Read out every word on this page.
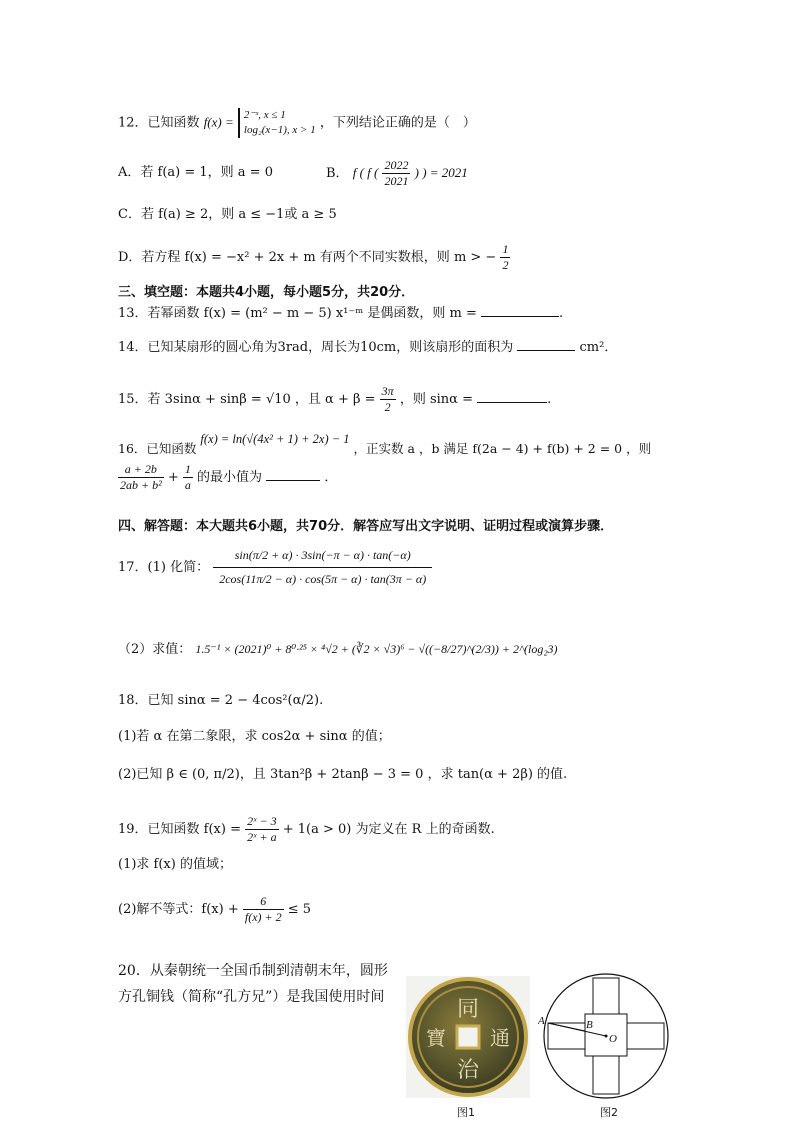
12．已知函数 f(x) = 2⁻ˣ, x ≤ 1
log₂(x−1), x > 1 ，下列结论正确的是（　）
A．若 f(a) = 1，则 a = 0	B． f ( f ( $\frac{2022}{2021}$ ) ) = 2021
C．若 f(a) ≥ 2，则 a ≤ −1或 a ≥ 5
D．若方程 f(x) = −x² + 2x + m 有两个不同实数根，则 m > − $\frac{1}{2}$
三、填空题：本题共4小题，每小题5分，共20分．
13．若幂函数 f(x) = (m² − m − 5) x¹⁻ᵐ 是偶函数，则 m =	.
14．已知某扇形的圆心角为3rad，周长为10cm，则该扇形的面积为	cm²．
15．若 3sinα + sinβ = √10 ，且 $\alpha + \beta = \frac{3\pi}{2}$ ，则 sinα =	.
16．已知函数 f(x) = ln(√(4x² + 1) + 2x) − 1 ，正实数 a ，b 满足 f(2a − 4) + f(b) + 2 = 0 ，则
$\frac{a + 2b}{\text{2ab + b²}} + \frac{1}{a}$ 的最小值为	．
四、解答题：本大题共6小题，共70分．解答应写出文字说明、证明过程或演算步骤．
17．(1) 化简： $\frac{\sin(\pi/2 + \alpha) \cdot 3\sin(-\pi - \alpha) \cdot \tan(-\alpha)}{2\cos(11\pi/2 - \alpha) \cdot \cos(5\pi - \alpha) \cdot \tan(3\pi - \alpha)}$
（2）求值： 1.5⁻¹ × (2021)⁰ + 8⁰·²⁵ × ⁴√2 + (∛2 × √3)⁶ − √((−8/27)^(2/3)) + 2^(log₂3)
18．已知 sinα = 2 − 4cos²(α/2).
(1)若 α 在第二象限，求 cos2α + sinα 的值；
(2)已知 β ∈ (0, π/2)，且 3tan²β + 2tanβ − 3 = 0 ，求 tan(α + 2β) 的值.
19．已知函数 $f(x) = \frac{\text{2ˣ − 3}}{\text{2ˣ + a}} + 1(a > 0)$ 为定义在 R 上的奇函数.
(1)求 f(x) 的值域；
(2)解不等式：$f(x) + \frac{6}{f(x) + 2} \le 5$
20．从秦朝统一全国币制到清朝末年，圆形
方孔铜钱（简称“孔方兄”）是我国使用时间	同
治
寶 通
图1
A	B
O
图2
